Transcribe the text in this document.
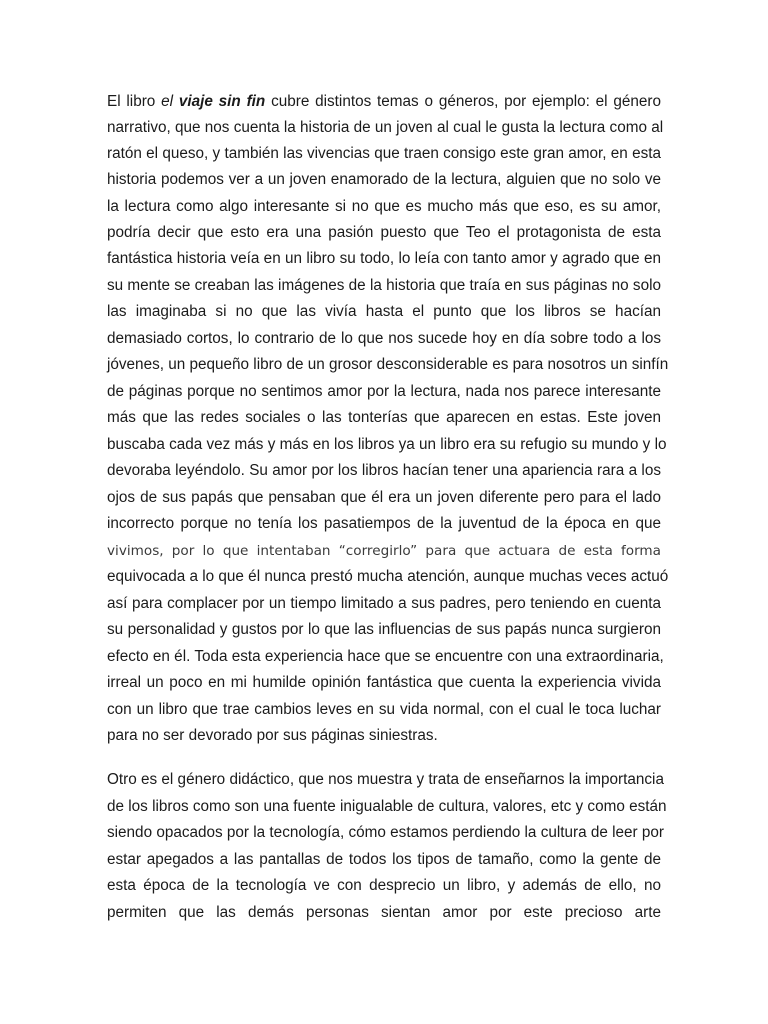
El libro el viaje sin fin cubre distintos temas o géneros, por ejemplo: el género
narrativo, que nos cuenta la historia de un joven al cual le gusta la lectura como al
ratón el queso, y también las vivencias que traen consigo este gran amor, en esta
historia podemos ver a un joven enamorado de la lectura, alguien que no solo ve
la lectura como algo interesante si no que es mucho más que eso, es su amor,
podría decir que esto era una pasión puesto que Teo el protagonista de esta
fantástica historia veía en un libro su todo, lo leía con tanto amor y agrado que en
su mente se creaban las imágenes de la historia que traía en sus páginas no solo
las imaginaba si no que las vivía hasta el punto que los libros se hacían
demasiado cortos, lo contrario de lo que nos sucede hoy en día sobre todo a los
jóvenes, un pequeño libro de un grosor desconsiderable es para nosotros un sinfín
de páginas porque no sentimos amor por la lectura, nada nos parece interesante
más que las redes sociales o las tonterías que aparecen en estas. Este joven
buscaba cada vez más y más en los libros ya un libro era su refugio su mundo y lo
devoraba leyéndolo. Su amor por los libros hacían tener una apariencia rara a los
ojos de sus papás que pensaban que él era un joven diferente pero para el lado
incorrecto porque no tenía los pasatiempos de la juventud de la época en que
vivimos, por lo que intentaban “corregirlo” para que actuara de esta forma
equivocada a lo que él nunca prestó mucha atención, aunque muchas veces actuó
así para complacer por un tiempo limitado a sus padres, pero teniendo en cuenta
su personalidad y gustos por lo que las influencias de sus papás nunca surgieron
efecto en él. Toda esta experiencia hace que se encuentre con una extraordinaria,
irreal un poco en mi humilde opinión fantástica que cuenta la experiencia vivida
con un libro que trae cambios leves en su vida normal, con el cual le toca luchar
para no ser devorado por sus páginas siniestras.
Otro es el género didáctico, que nos muestra y trata de enseñarnos la importancia
de los libros como son una fuente inigualable de cultura, valores, etc y como están
siendo opacados por la tecnología, cómo estamos perdiendo la cultura de leer por
estar apegados a las pantallas de todos los tipos de tamaño, como la gente de
esta época de la tecnología ve con desprecio un libro, y además de ello, no
permiten que las demás personas sientan amor por este precioso arte
